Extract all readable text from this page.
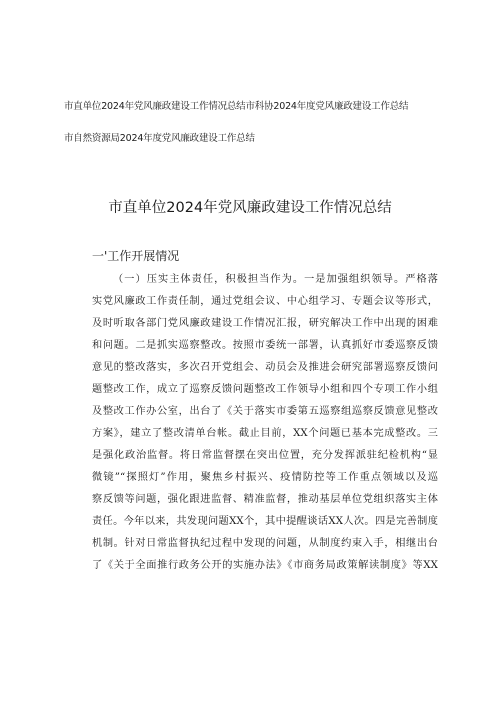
市直单位2024年党风廉政建设工作情况总结市科协2024年度党风廉政建设工作总结
市自然资源局2024年度党风廉政建设工作总结
市直单位2024年党风廉政建设工作情况总结
一'工作开展情况
（一）压实主体责任，积极担当作为。一是加强组织领导。严格落
实党风廉政工作责任制，通过党组会议、中心组学习、专题会议等形式，
及时听取各部门党风廉政建设工作情况汇报，研究解决工作中出现的困难
和问题。二是抓实巡察整改。按照市委统一部署，认真抓好市委巡察反馈
意见的整改落实，多次召开党组会、动员会及推进会研究部署巡察反馈问
题整改工作，成立了巡察反馈问题整改工作领导小组和四个专项工作小组
及整改工作办公室，出台了《关于落实市委第五巡察组巡察反馈意见整改
方案》，建立了整改清单台帐。截止目前，XX个问题已基本完成整改。三
是强化政治监督。将日常监督摆在突出位置，充分发挥派驻纪检机构“显
微镜”“探照灯”作用，聚焦乡村振兴、疫情防控等工作重点领域以及巡
察反馈等问题，强化跟进监督、精准监督，推动基层单位党组织落实主体
责任。今年以来，共发现问题XX个，其中提醒谈话XX人次。四是完善制度
机制。针对日常监督执纪过程中发现的问题，从制度约束入手，相继出台
了《关于全面推行政务公开的实施办法》《市商务局政策解读制度》等XX
